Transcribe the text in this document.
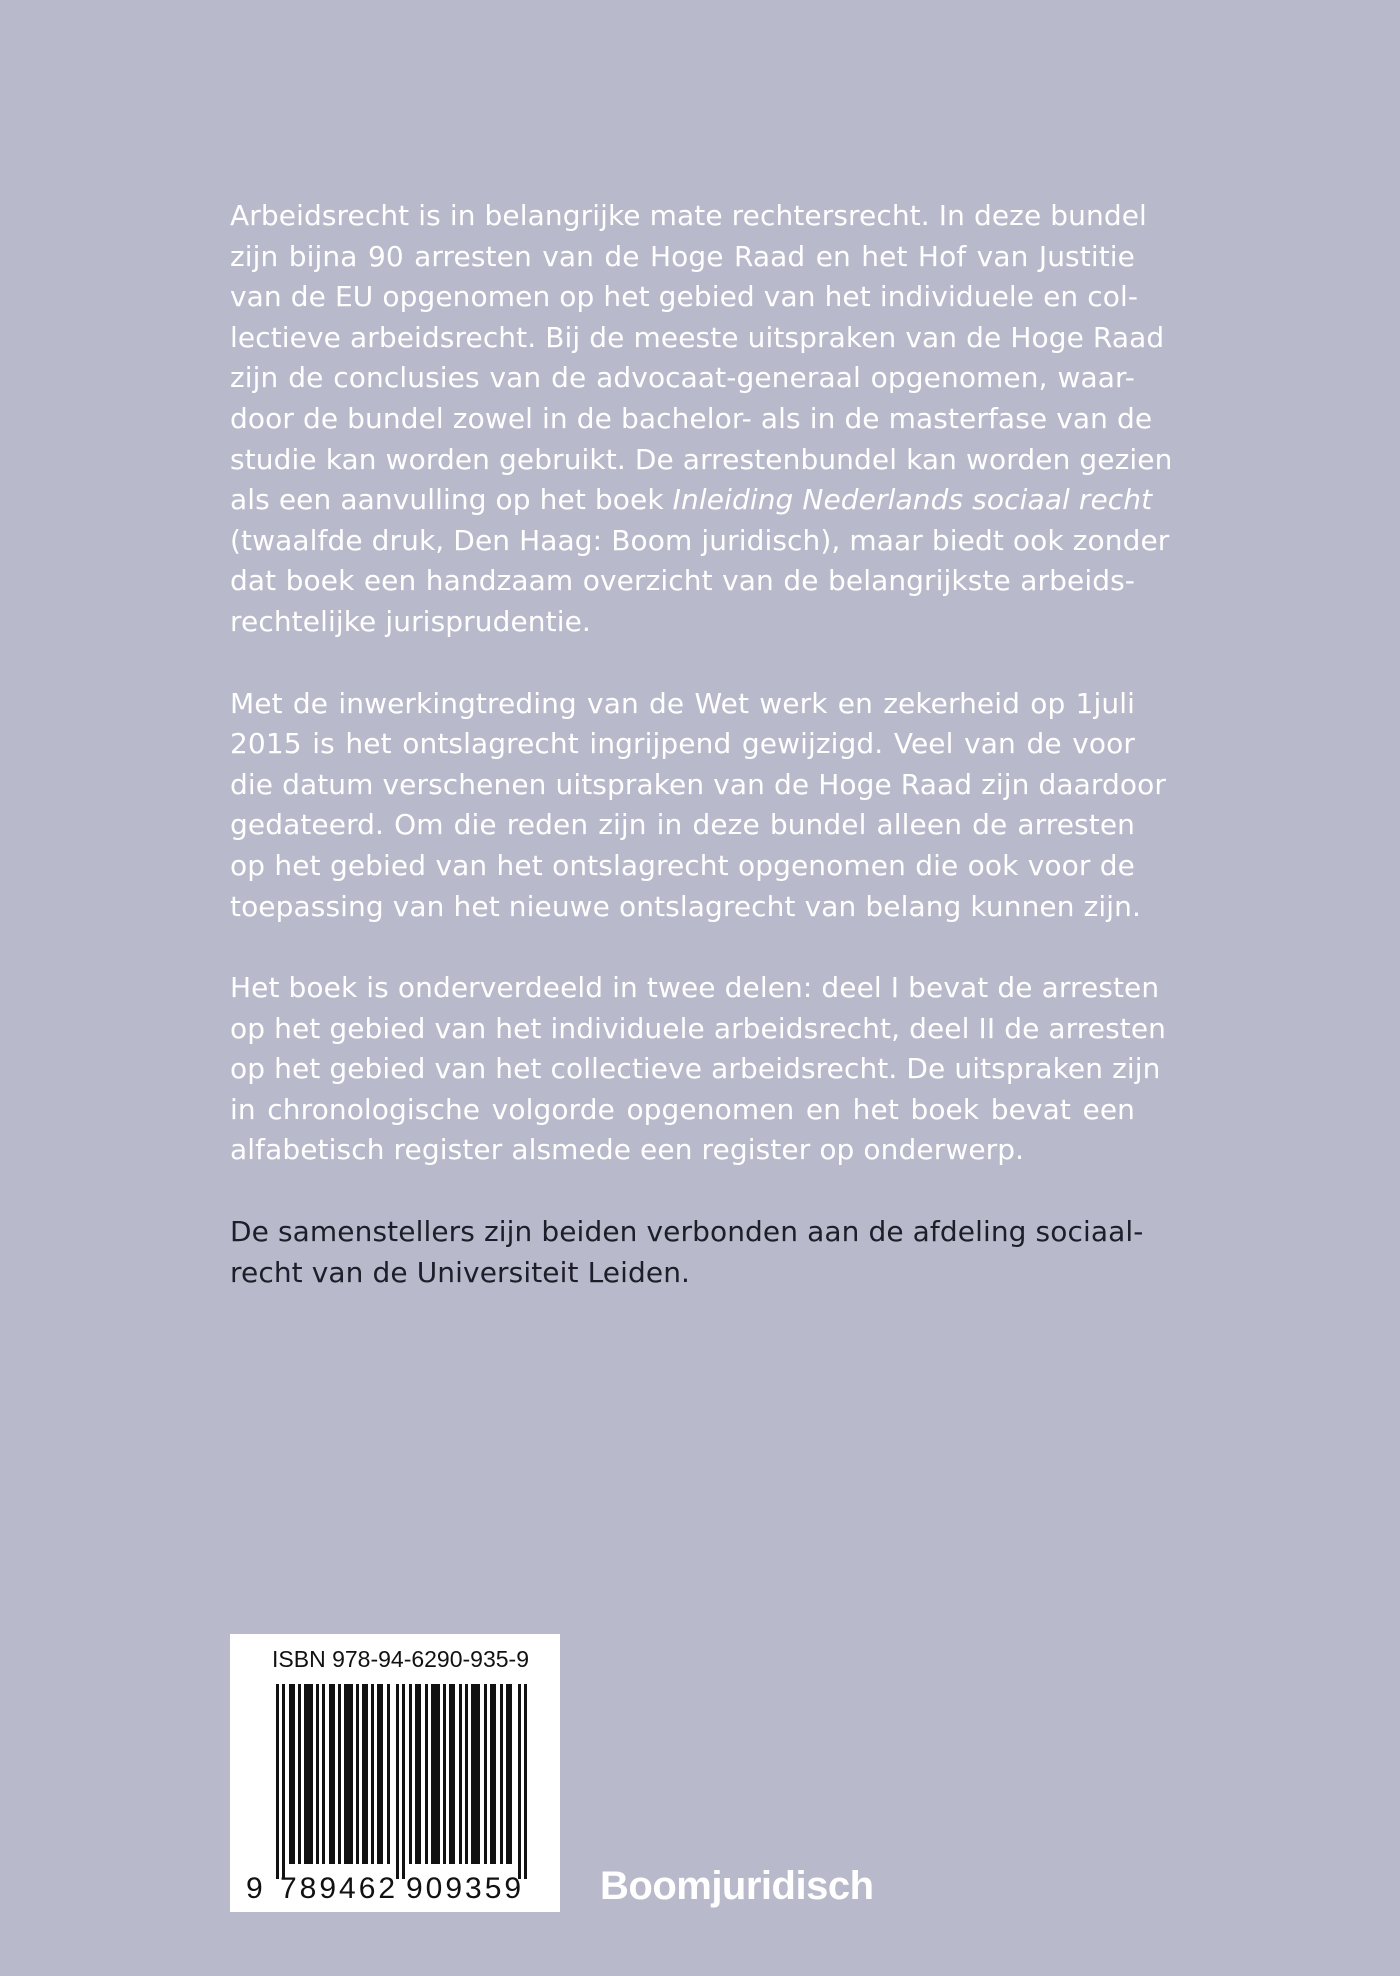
Arbeidsrecht is in belangrijke mate rechtersrecht. In deze bundel
zijn bijna 90 arresten van de Hoge Raad en het Hof van Justitie
van de EU opgenomen op het gebied van het individuele en col-
lectieve arbeidsrecht. Bij de meeste uitspraken van de Hoge Raad
zijn de conclusies van de advocaat-generaal opgenomen, waar-
door de bundel zowel in de bachelor- als in de masterfase van de
studie kan worden gebruikt. De arrestenbundel kan worden gezien
als een aanvulling op het boek Inleiding Nederlands sociaal recht
(twaalfde druk, Den Haag: Boom juridisch), maar biedt ook zonder
dat boek een handzaam overzicht van de belangrijkste arbeids-
rechtelijke jurisprudentie.
Met de inwerkingtreding van de Wet werk en zekerheid op 1juli
2015 is het ontslagrecht ingrijpend gewijzigd. Veel van de voor
die datum verschenen uitspraken van de Hoge Raad zijn daardoor
gedateerd. Om die reden zijn in deze bundel alleen de arresten
op het gebied van het ontslagrecht opgenomen die ook voor de
toepassing van het nieuwe ontslagrecht van belang kunnen zijn.
Het boek is onderverdeeld in twee delen: deel I bevat de arresten
op het gebied van het individuele arbeidsrecht, deel II de arresten
op het gebied van het collectieve arbeidsrecht. De uitspraken zijn
in chronologische volgorde opgenomen en het boek bevat een
alfabetisch register alsmede een register op onderwerp.
De samenstellers zijn beiden verbonden aan de afdeling sociaal-
recht van de Universiteit Leiden.
ISBN 978-94-6290-935-9
9 789462 909359 Boomjuridisch
